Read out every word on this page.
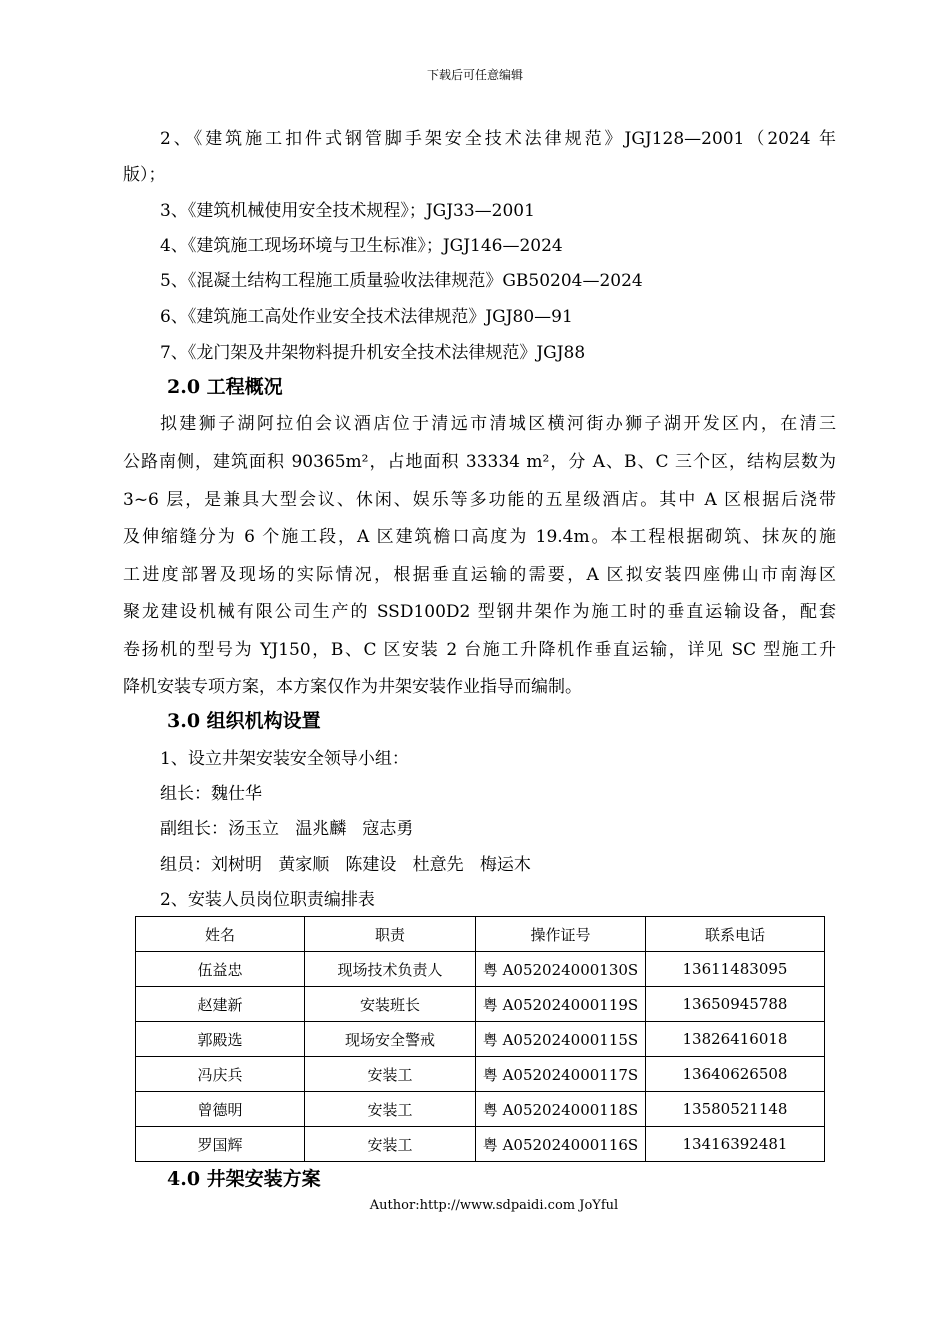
下载后可任意编辑
2、《建筑施工扣件式钢管脚手架安全技术法律规范》JGJ128—2001（2024 年
版）；
3、《建筑机械使用安全技术规程》；JGJ33—2001
4、《建筑施工现场环境与卫生标准》；JGJ146—2024
5、《混凝土结构工程施工质量验收法律规范》GB50204—2024
6、《建筑施工高处作业安全技术法律规范》JGJ80—91
7、《龙门架及井架物料提升机安全技术法律规范》JGJ88
2.0 工程概况
拟建狮子湖阿拉伯会议酒店位于清远市清城区横河街办狮子湖开发区内，在清三
公路南侧，建筑面积 90365m²，占地面积 33334 m²，分 A、B、C 三个区，结构层数为
3~6 层，是兼具大型会议、休闲、娱乐等多功能的五星级酒店。其中 A 区根据后浇带
及伸缩缝分为 6 个施工段，A 区建筑檐口高度为 19.4m。本工程根据砌筑、抹灰的施
工进度部署及现场的实际情况，根据垂直运输的需要，A 区拟安装四座佛山市南海区
聚龙建设机械有限公司生产的 SSD100D2 型钢井架作为施工时的垂直运输设备，配套
卷扬机的型号为 YJ150，B、C 区安装 2 台施工升降机作垂直运输，详见 SC 型施工升
降机安装专项方案，本方案仅作为井架安装作业指导而编制。
3.0 组织机构设置
1、设立井架安装安全领导小组：
组长：魏仕华
副组长：汤玉立   温兆麟   寇志勇
组员：刘树明   黄家顺   陈建设   杜意先   梅运木
2、安装人员岗位职责编排表
姓名	职责	操作证号	联系电话
伍益忠	现场技术负责人	粤 A052024000130S	13611483095
赵建新	安装班长	粤 A052024000119S	13650945788
郭殿选	现场安全警戒	粤 A052024000115S	13826416018
冯庆兵	安装工	粤 A052024000117S	13640626508
曾德明	安装工	粤 A052024000118S	13580521148
罗国辉	安装工	粤 A052024000116S	13416392481
4.0 井架安装方案
Author:http://www.sdpaidi.com JoYful
